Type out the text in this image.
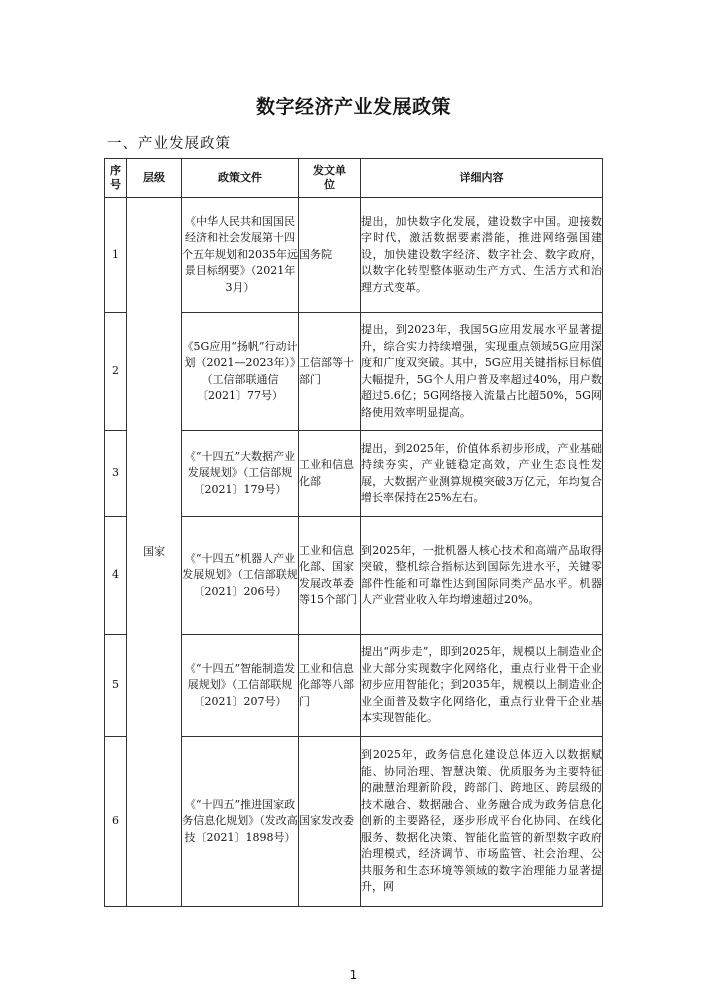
数字经济产业发展政策
一、产业发展政策
序号	层级	政策文件	发文单位	详细内容
1	国家	《中华人民共和国国民经济和社会发展第十四个五年规划和2035年远景目标纲要》（2021年3月）	国务院	提出，加快数字化发展，建设数字中国。迎接数字时代，激活数据要素潜能，推进网络强国建设，加快建设数字经济、数字社会、数字政府，以数字化转型整体驱动生产方式、生活方式和治理方式变革。
2		《5G应用“扬帆”行动计划（2021—2023年）》（工信部联通信〔2021〕77号）	工信部等十部门	提出，到2023年，我国5G应用发展水平显著提升，综合实力持续增强，实现重点领域5G应用深度和广度双突破。其中，5G应用关键指标目标值大幅提升，5G个人用户普及率超过40%，用户数超过5.6亿；5G网络接入流量占比超50%，5G网络使用效率明显提高。
3		《“十四五”大数据产业发展规划》（工信部规〔2021〕179号）	工业和信息化部	提出，到2025年，价值体系初步形成，产业基础持续夯实，产业链稳定高效，产业生态良性发展，大数据产业测算规模突破3万亿元，年均复合增长率保持在25%左右。
4		《“十四五”机器人产业发展规划》（工信部联规〔2021〕206号）	工业和信息化部、国家发展改革委等15个部门	到2025年，一批机器人核心技术和高端产品取得突破，整机综合指标达到国际先进水平，关键零部件性能和可靠性达到国际同类产品水平。机器人产业营业收入年均增速超过20%。
5		《“十四五”智能制造发展规划》（工信部联规〔2021〕207号）	工业和信息化部等八部门	提出“两步走”，即到2025年，规模以上制造业企业大部分实现数字化网络化，重点行业骨干企业初步应用智能化；到2035年，规模以上制造业企业全面普及数字化网络化，重点行业骨干企业基本实现智能化。
6		《“十四五”推进国家政务信息化规划》（发改高技〔2021〕1898号）	国家发改委	到2025年，政务信息化建设总体迈入以数据赋能、协同治理、智慧决策、优质服务为主要特征的融慧治理新阶段，跨部门、跨地区、跨层级的技术融合、数据融合、业务融合成为政务信息化创新的主要路径，逐步形成平台化协同、在线化服务、数据化决策、智能化监管的新型数字政府治理模式，经济调节、市场监管、社会治理、公共服务和生态环境等领域的数字治理能力显著提升，网
1
